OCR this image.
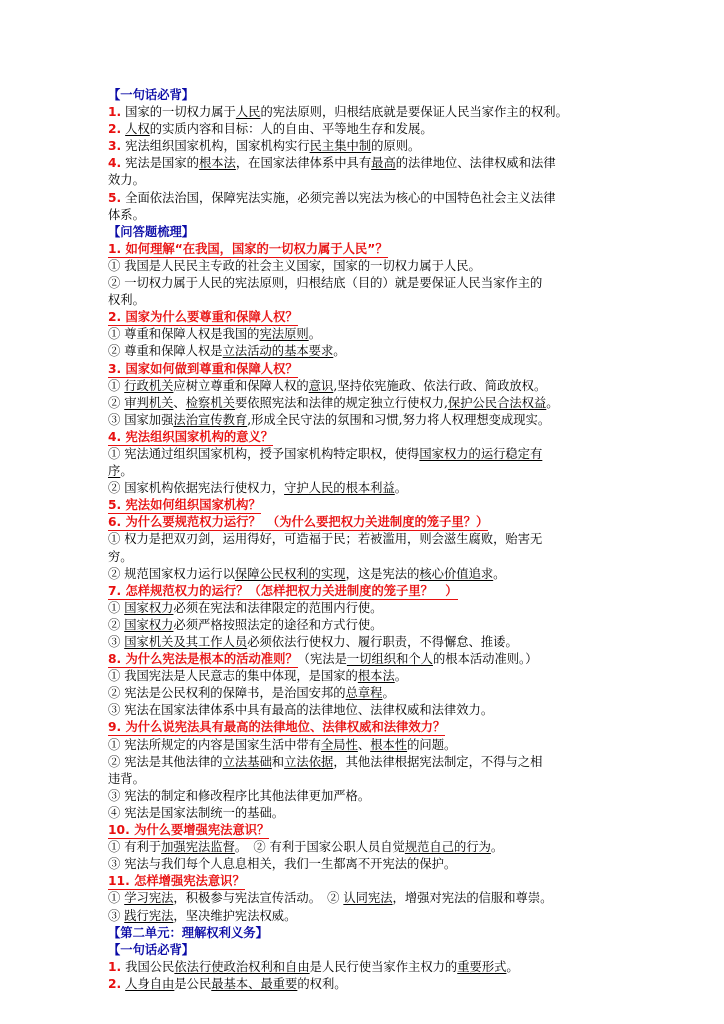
【一句话必背】
1. 国家的一切权力属于人民的宪法原则，归根结底就是要保证人民当家作主的权利。
2. 人权的实质内容和目标：人的自由、平等地生存和发展。
3. 宪法组织国家机构，国家机构实行民主集中制的原则。
4. 宪法是国家的根本法，在国家法律体系中具有最高的法律地位、法律权威和法律
效力。
5. 全面依法治国，保障宪法实施，必须完善以宪法为核心的中国特色社会主义法律
体系。
【问答题梳理】
1. 如何理解“在我国，国家的一切权力属于人民”？
① 我国是人民民主专政的社会主义国家，国家的一切权力属于人民。
② 一切权力属于人民的宪法原则，归根结底（目的）就是要保证人民当家作主的
权利。
2. 国家为什么要尊重和保障人权？
① 尊重和保障人权是我国的宪法原则。
② 尊重和保障人权是立法活动的基本要求。
3. 国家如何做到尊重和保障人权？
① 行政机关应树立尊重和保障人权的意识,坚持依宪施政、依法行政、简政放权。
② 审判机关、检察机关要依照宪法和法律的规定独立行使权力,保护公民合法权益。
③ 国家加强法治宣传教育,形成全民守法的氛围和习惯,努力将人权理想变成现实。
4. 宪法组织国家机构的意义？
① 宪法通过组织国家机构，授予国家机构特定职权，使得国家权力的运行稳定有
序。
② 国家机构依据宪法行使权力，守护人民的根本利益。
5. 宪法如何组织国家机构？
6. 为什么要规范权力运行？　（为什么要把权力关进制度的笼子里？）
① 权力是把双刃剑，运用得好，可造福于民；若被滥用，则会滋生腐败，贻害无
穷。
② 规范国家权力运行以保障公民权利的实现，这是宪法的核心价值追求。
7. 怎样规范权力的运行？（怎样把权力关进制度的笼子里？　）
① 国家权力必须在宪法和法律限定的范围内行使。
② 国家权力必须严格按照法定的途径和方式行使。
③ 国家机关及其工作人员必须依法行使权力、履行职责，不得懈怠、推诿。
8. 为什么宪法是根本的活动准则？（宪法是一切组织和个人的根本活动准则。）
① 我国宪法是人民意志的集中体现，是国家的根本法。
② 宪法是公民权利的保障书，是治国安邦的总章程。
③ 宪法在国家法律体系中具有最高的法律地位、法律权威和法律效力。
9. 为什么说宪法具有最高的法律地位、法律权威和法律效力？
① 宪法所规定的内容是国家生活中带有全局性、根本性的问题。
② 宪法是其他法律的立法基础和立法依据，其他法律根据宪法制定，不得与之相
违背。
③ 宪法的制定和修改程序比其他法律更加严格。
④ 宪法是国家法制统一的基础。
10. 为什么要增强宪法意识？
① 有利于加强宪法监督。　② 有利于国家公职人员自觉规范自己的行为。
③ 宪法与我们每个人息息相关，我们一生都离不开宪法的保护。
11. 怎样增强宪法意识？
① 学习宪法，积极参与宪法宣传活动。　② 认同宪法，增强对宪法的信服和尊崇。
③ 践行宪法，坚决维护宪法权威。
【第二单元：理解权利义务】
【一句话必背】
1. 我国公民依法行使政治权利和自由是人民行使当家作主权力的重要形式。
2. 人身自由是公民最基本、最重要的权利。
